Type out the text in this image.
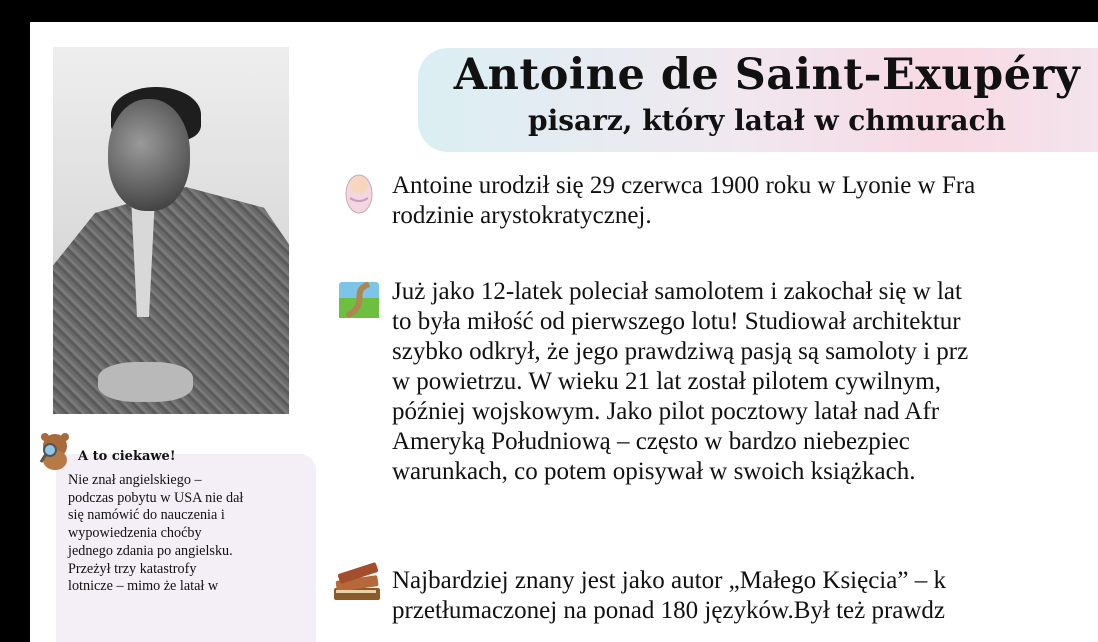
A to ciekawe!
Nie znał angielskiego –
podczas pobytu w USA nie dał
się namówić do nauczenia i
wypowiedzenia choćby
jednego zdania po angielsku.
Przeżył trzy katastrofy
lotnicze – mimo że latał w
Antoine de Saint-Exupéry
pisarz, który latał w chmurach
Antoine urodził się 29 czerwca 1900 roku w Lyonie w Fra
rodzinie arystokratycznej.
Już jako 12-latek poleciał samolotem i zakochał się w lat
to była miłość od pierwszego lotu! Studiował architektur
szybko odkrył, że jego prawdziwą pasją są samoloty i prz
w powietrzu. W wieku 21 lat został pilotem cywilnym,
później wojskowym. Jako pilot pocztowy latał nad Afr
Ameryką Południową – często w bardzo niebezpiec
warunkach, co potem opisywał w swoich książkach.
Najbardziej znany jest jako autor „Małego Księcia” – k
przetłumaczonej na ponad 180 języków.Był też prawdz
